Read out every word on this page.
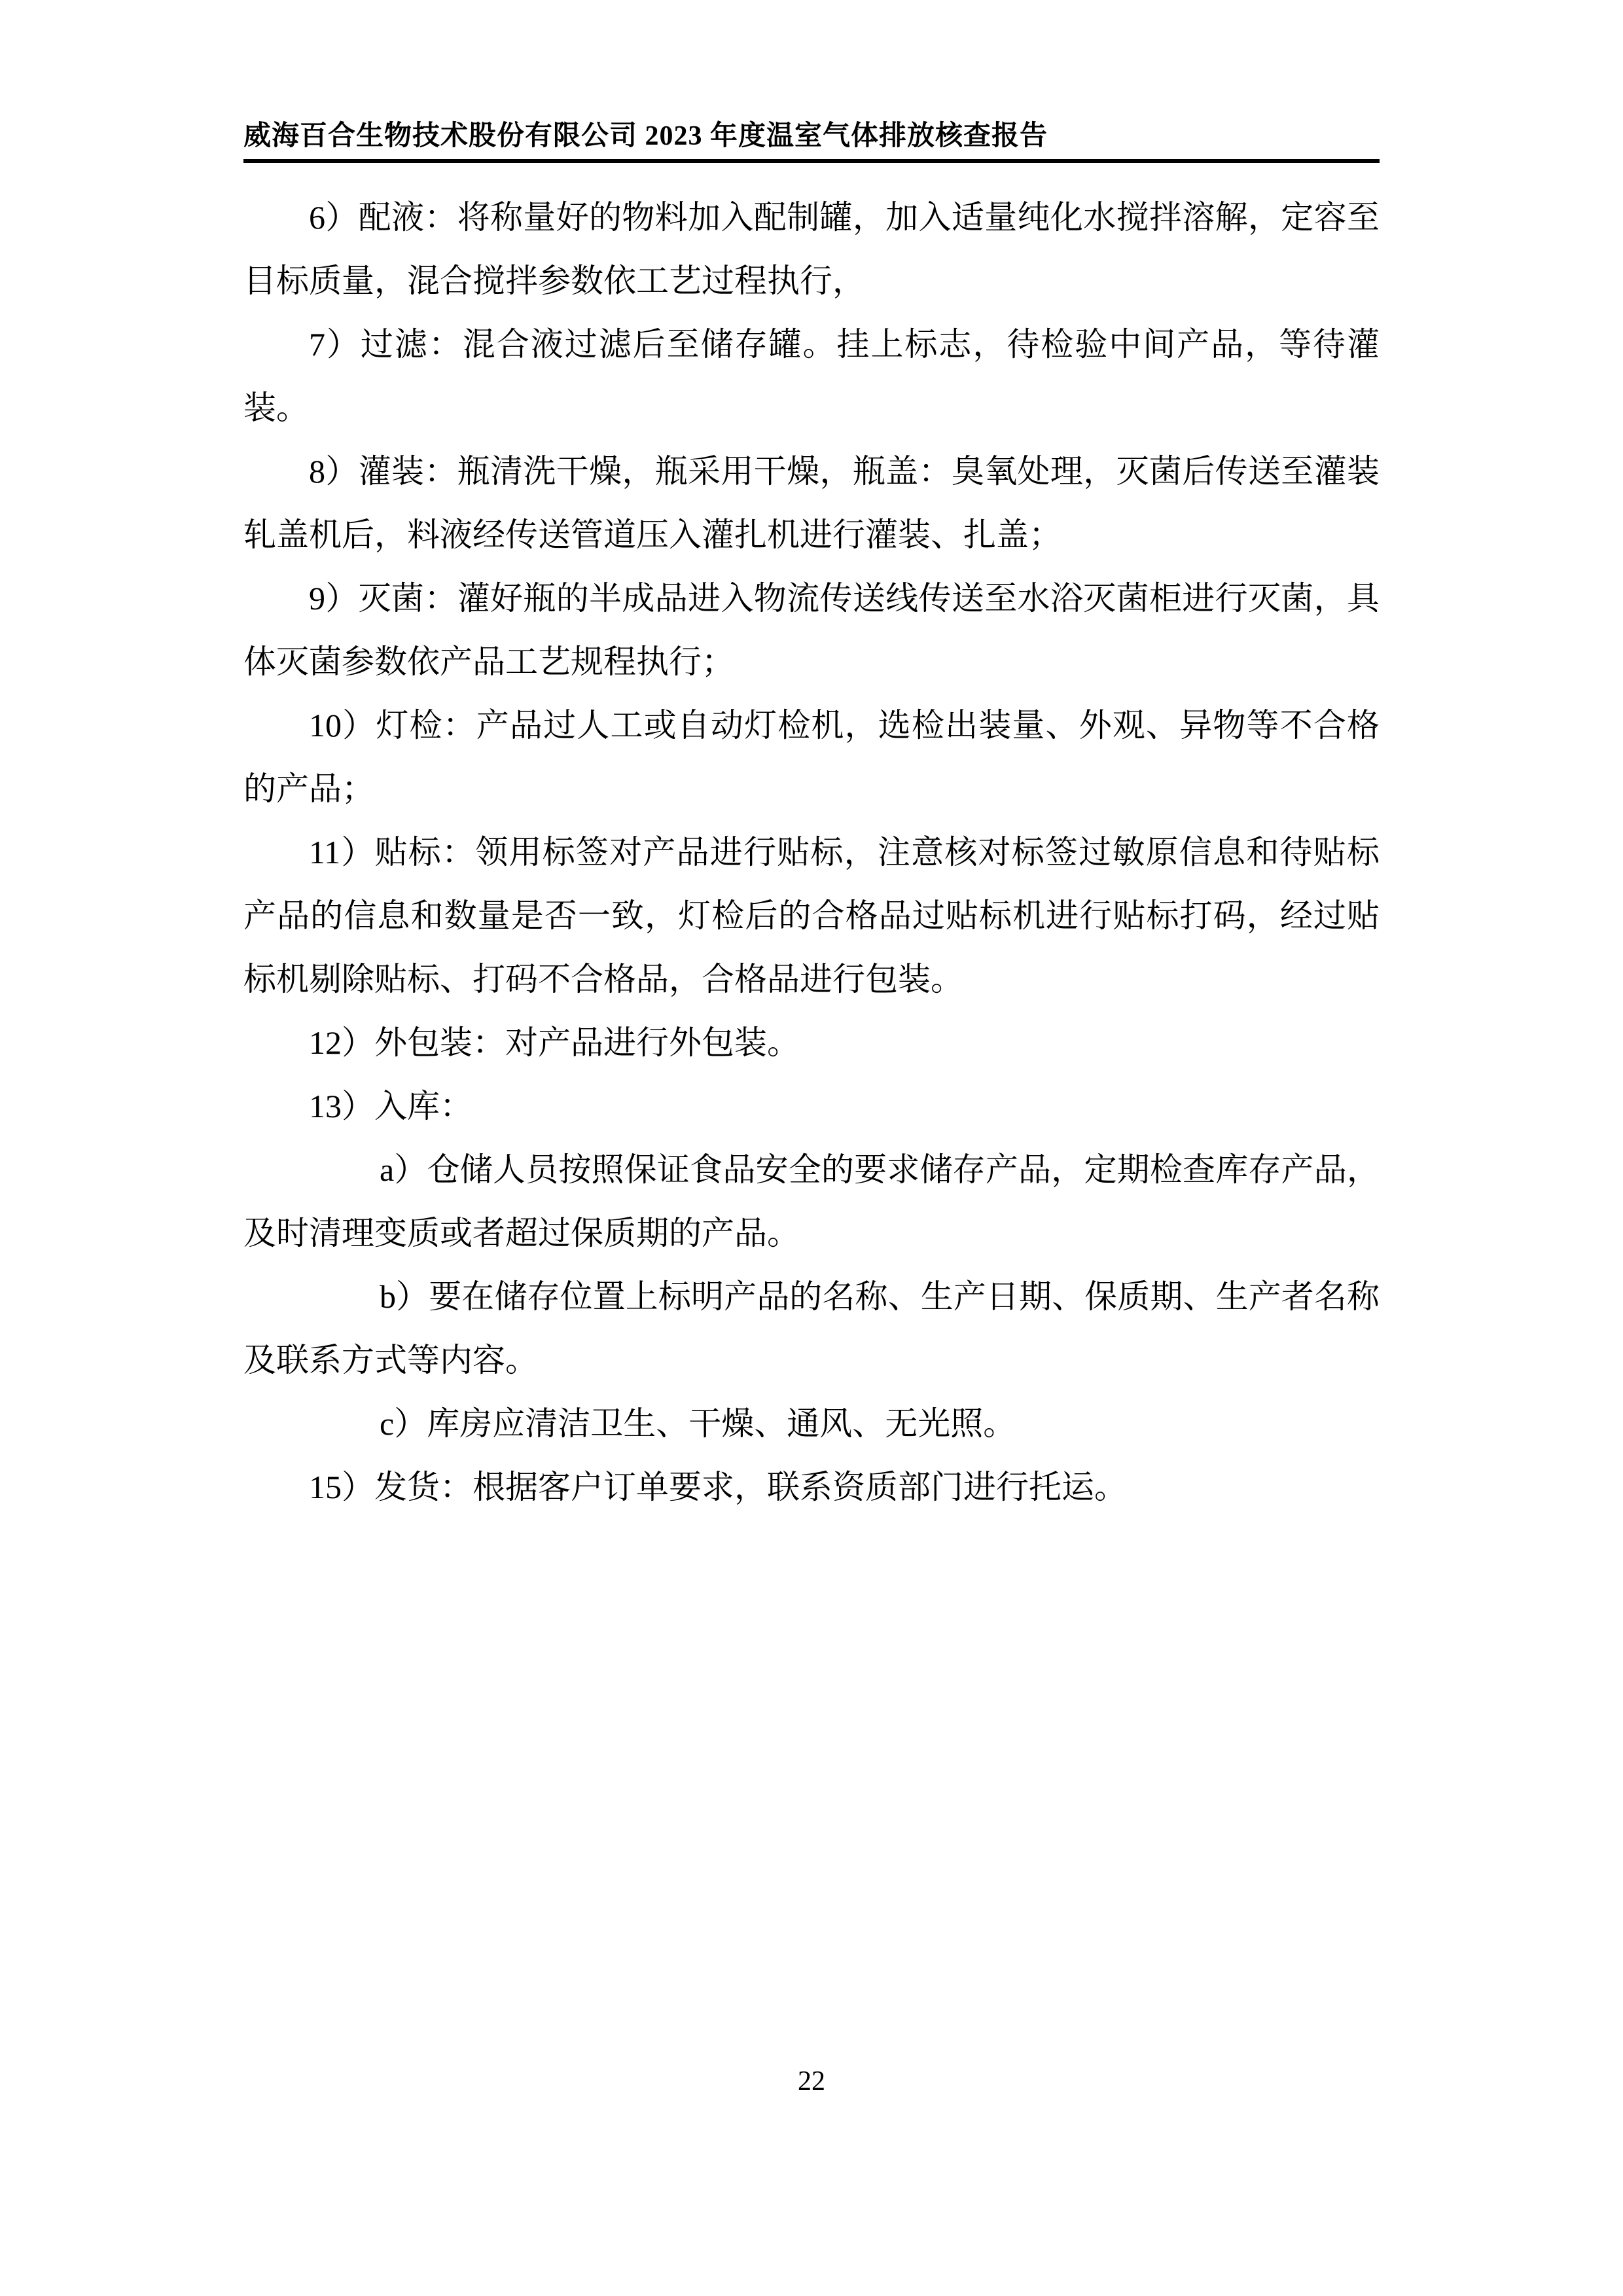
威海百合生物技术股份有限公司 2023 年度温室气体排放核查报告

6）配液：将称量好的物料加入配制罐，加入适量纯化水搅拌溶解，定容至目标质量，混合搅拌参数依工艺过程执行，

7）过滤：混合液过滤后至储存罐。挂上标志，待检验中间产品，等待灌装。

8）灌装：瓶清洗干燥，瓶采用干燥，瓶盖：臭氧处理，灭菌后传送至灌装轧盖机后，料液经传送管道压入灌扎机进行灌装、扎盖；

9）灭菌：灌好瓶的半成品进入物流传送线传送至水浴灭菌柜进行灭菌，具体灭菌参数依产品工艺规程执行；

10）灯检：产品过人工或自动灯检机，选检出装量、外观、异物等不合格的产品；

11）贴标：领用标签对产品进行贴标，注意核对标签过敏原信息和待贴标产品的信息和数量是否一致，灯检后的合格品过贴标机进行贴标打码，经过贴标机剔除贴标、打码不合格品，合格品进行包装。

12）外包装：对产品进行外包装。

13）入库：

a）仓储人员按照保证食品安全的要求储存产品，定期检查库存产品，及时清理变质或者超过保质期的产品。

b）要在储存位置上标明产品的名称、生产日期、保质期、生产者名称及联系方式等内容。

c）库房应清洁卫生、干燥、通风、无光照。

15）发货：根据客户订单要求，联系资质部门进行托运。

22
